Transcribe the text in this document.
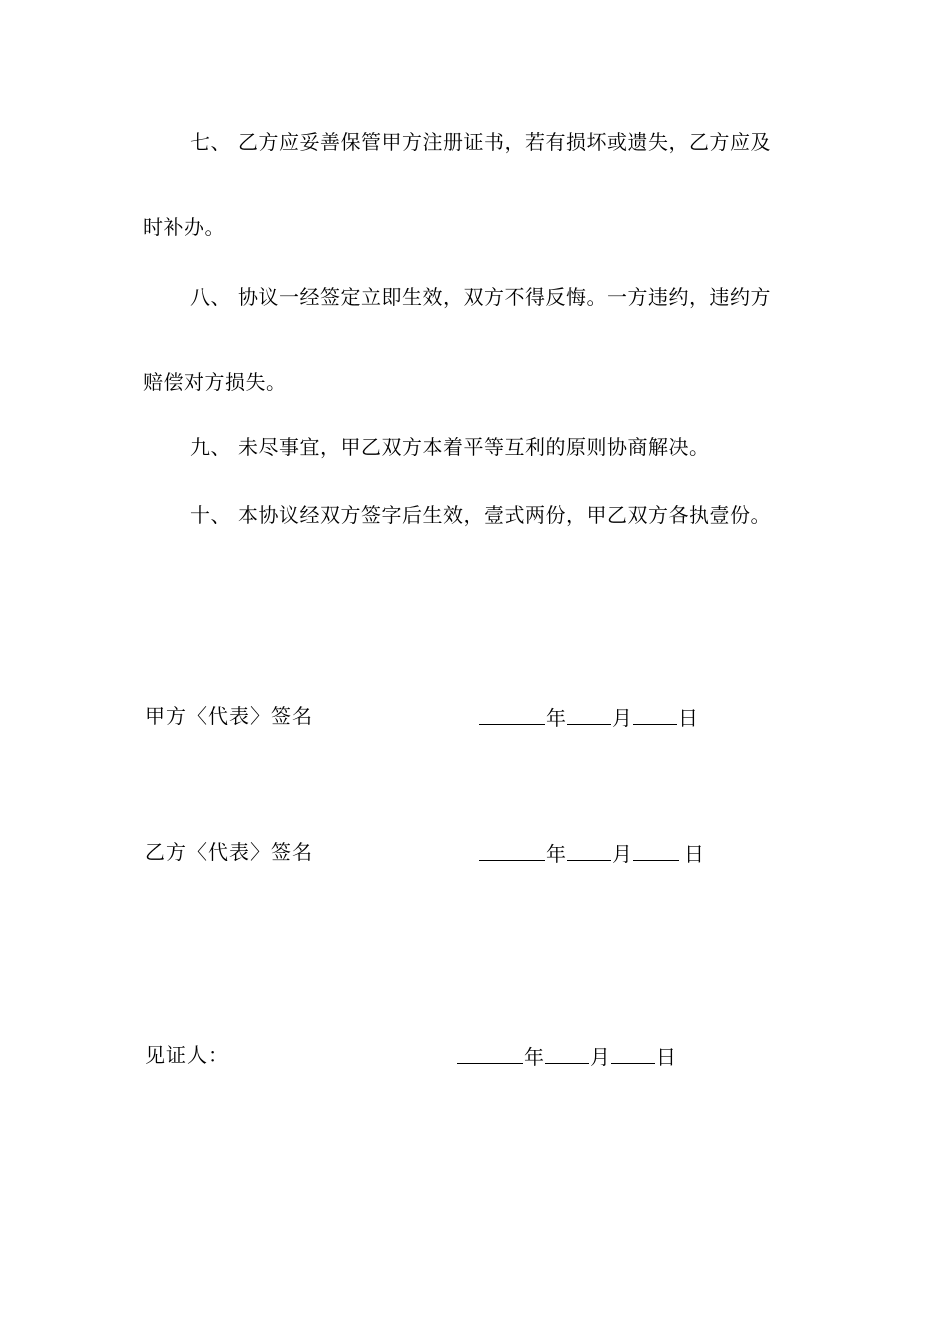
七、 乙方应妥善保管甲方注册证书，若有损坏或遗失，乙方应及
时补办。
八、 协议一经签定立即生效，双方不得反悔。一方违约，违约方
赔偿对方损失。
九、 未尽事宜，甲乙双方本着平等互利的原则协商解决。
十、 本协议经双方签字后生效，壹式两份，甲乙双方各执壹份。
甲方〈代表〉签名	年 月 日
乙方〈代表〉签名	年 月	日
见证人：	年 月 日
